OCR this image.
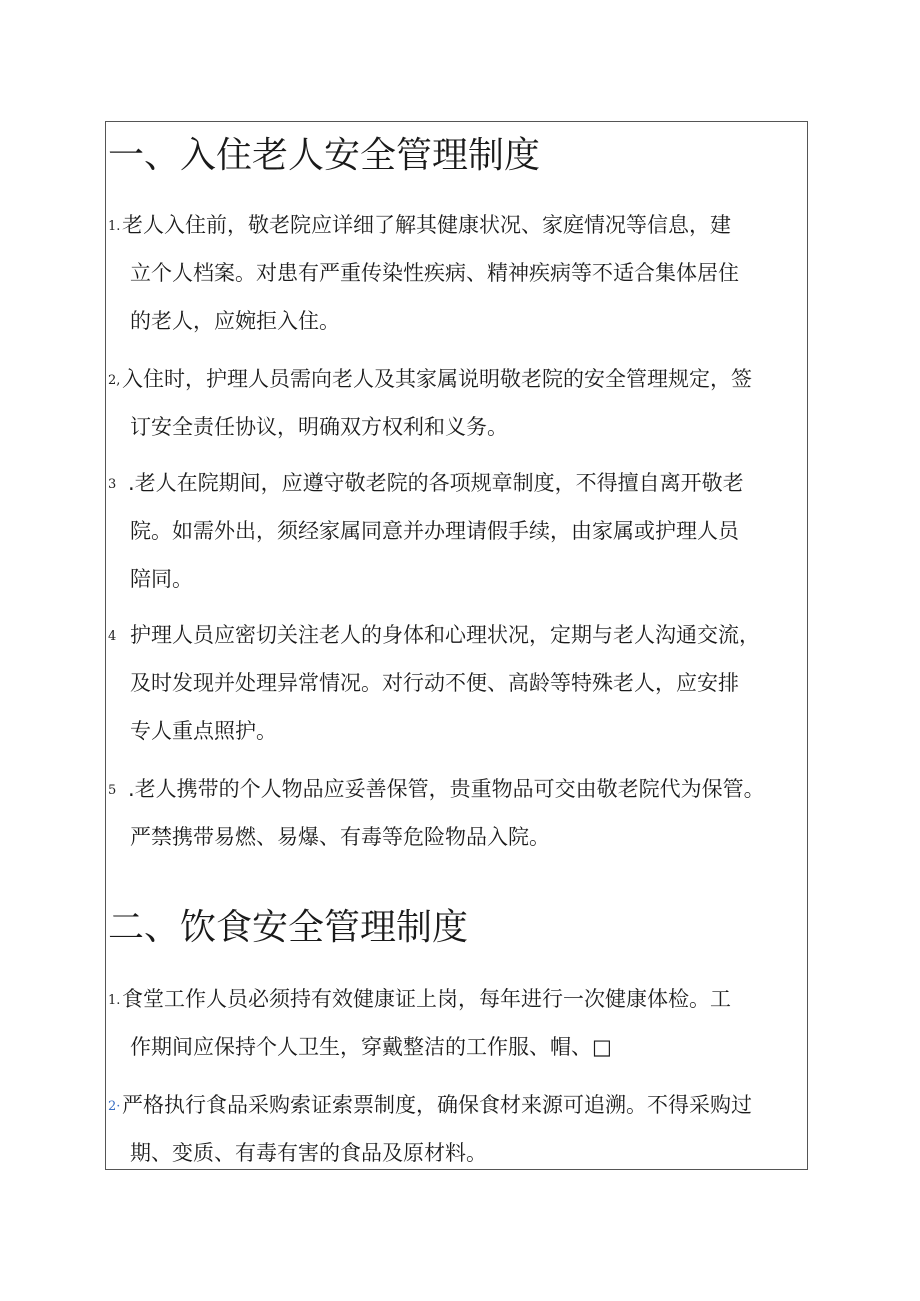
一、入住老人安全管理制度
1. 老人入住前，敬老院应详细了解其健康状况、家庭情况等信息，建
立个人档案。对患有严重传染性疾病、精神疾病等不适合集体居住
的老人，应婉拒入住。
2, 入住时，护理人员需向老人及其家属说明敬老院的安全管理规定，签
订安全责任协议，明确双方权利和义务。
3 .老人在院期间，应遵守敬老院的各项规章制度，不得擅自离开敬老
院。如需外出，须经家属同意并办理请假手续，由家属或护理人员
陪同。
4 护理人员应密切关注老人的身体和心理状况，定期与老人沟通交流，
及时发现并处理异常情况。对行动不便、高龄等特殊老人，应安排
专人重点照护。
5 .老人携带的个人物品应妥善保管，贵重物品可交由敬老院代为保管。
严禁携带易燃、易爆、有毒等危险物品入院。
二、饮食安全管理制度
1. 食堂工作人员必须持有效健康证上岗，每年进行一次健康体检。工
作期间应保持个人卫生，穿戴整洁的工作服、帽、□
2· 严格执行食品采购索证索票制度，确保食材来源可追溯。不得采购过
期、变质、有毒有害的食品及原材料。
